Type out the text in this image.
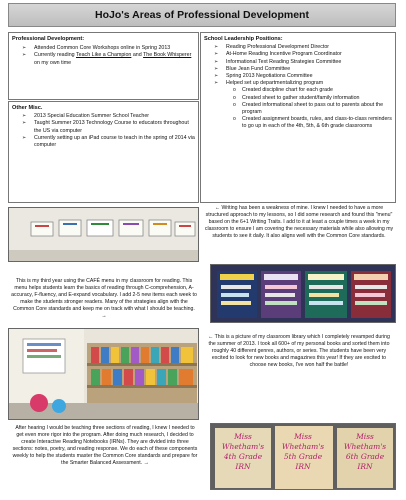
HoJo's Areas of Professional Development
Professional Development:
➢ Attended Common Core Workshops online in Spring 2013
➢ Currently reading Teach Like a Champion and The Book Whisperer on my own time
Other Misc.
➢ 2013 Special Education Summer School Teacher
➢ Taught Summer 2013 Technology Course to educators throughout the US via computer
➢ Currently setting up an iPad course to teach in the spring of 2014 via computer
School Leadership Positions:
➢ Reading Professional Development Director
➢ At-Home Reading Incentive Program Coordinator
➢ Informational Text Reading Strategies Committee
➢ Blue Jean Fund Committee
➢ Spring 2013 Negotiations Committee
➢ Helped set up departmentalizing program
o Created discipline chart for each grade
o Created sheet to gather student/family information
o Created informational sheet to pass out to parents about the program
o Created assignment boards, rules, and class-to-class reminders to go up in each of the 4th, 5th, & 6th grade classrooms
← Writing has been a weakness of mine. I knew I needed to have a more structured approach to my lessons, so I did some research and found this "menu" based on the 6+1 Writing Traits. I add to it at least a couple times a week in my classroom to ensure I am covering the necessary materials while also allowing my students to see it daily. It also aligns well with the Common Core standards.
This is my third year using the CAFÉ menu in my classroom for reading. This menu helps students learn the basics of reading through C-comprehension, A-accuracy, F-fluency, and E-expand vocabulary. I add 2-5 new items each week to make the students stronger readers. Many of the strategies align with the Common Core standards and keep me on track with what I should be teaching. →
← This is a picture of my classroom library which I completely revamped during the summer of 2013. I took all 600+ of my personal books and sorted them into roughly 40 different genres, authors, or series. The students have been very excited to look for new books and magazines this year! If they are excited to choose new books, I've won half the battle!
After hearing I would be teaching three sections of reading, I knew I needed to get even more rigor into the program. After doing much research, I decided to create Interactive Reading Notebooks (IRNs). They are divided into three sections: notes, poetry, and reading response. We do each of these components weekly to help the students master the Common Core standards and prepare for the Smarter Balanced Assessment. →
Miss
Whetham's
4th Grade
IRN
Miss
Whetham's
5th Grade
IRN
Miss
Whetham's
6th Grade
IRN
